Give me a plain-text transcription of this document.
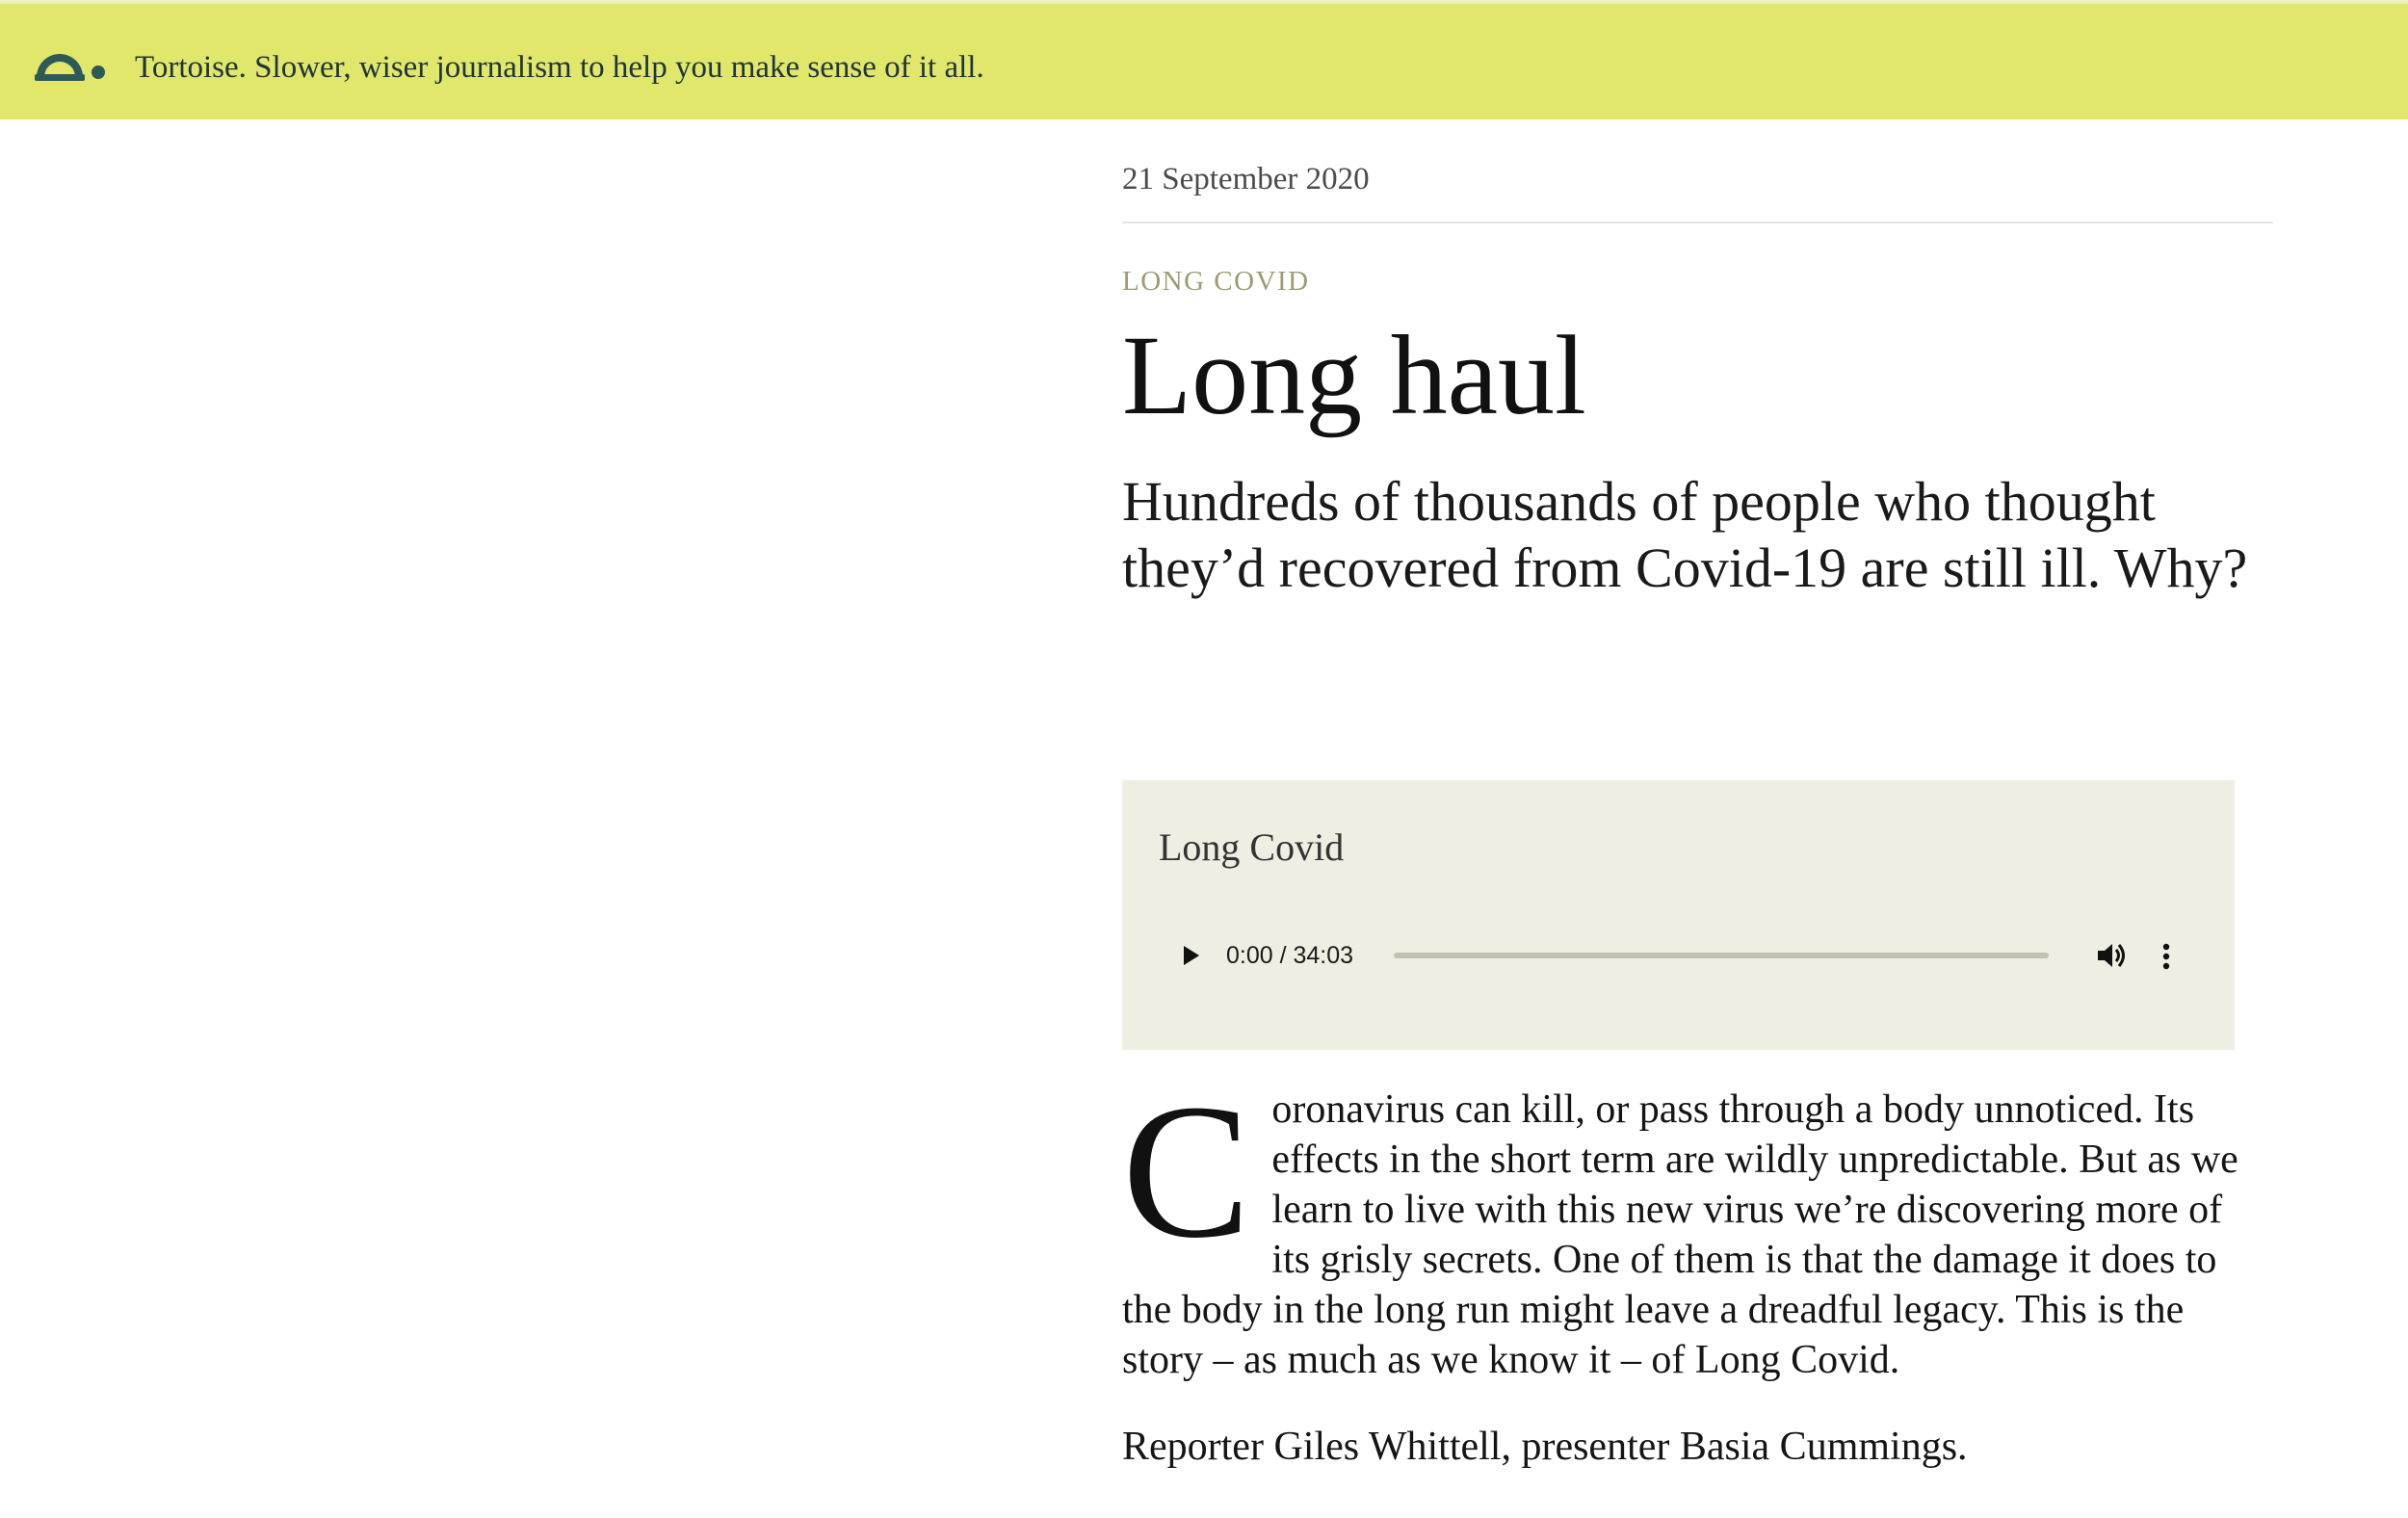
Tortoise. Slower, wiser journalism to help you make sense of it all.
21 September 2020
LONG COVID
Long haul

Hundreds of thousands of people who thought they’d recovered from Covid-19 are still ill. Why?

Long Covid
0:00 / 34:03

Coronavirus can kill, or pass through a body unnoticed. Its effects in the short term are wildly unpredictable. But as we learn to live with this new virus we’re discovering more of its grisly secrets. One of them is that the damage it does to the body in the long run might leave a dreadful legacy. This is the story – as much as we know it – of Long Covid.

Reporter Giles Whittell, presenter Basia Cummings.
